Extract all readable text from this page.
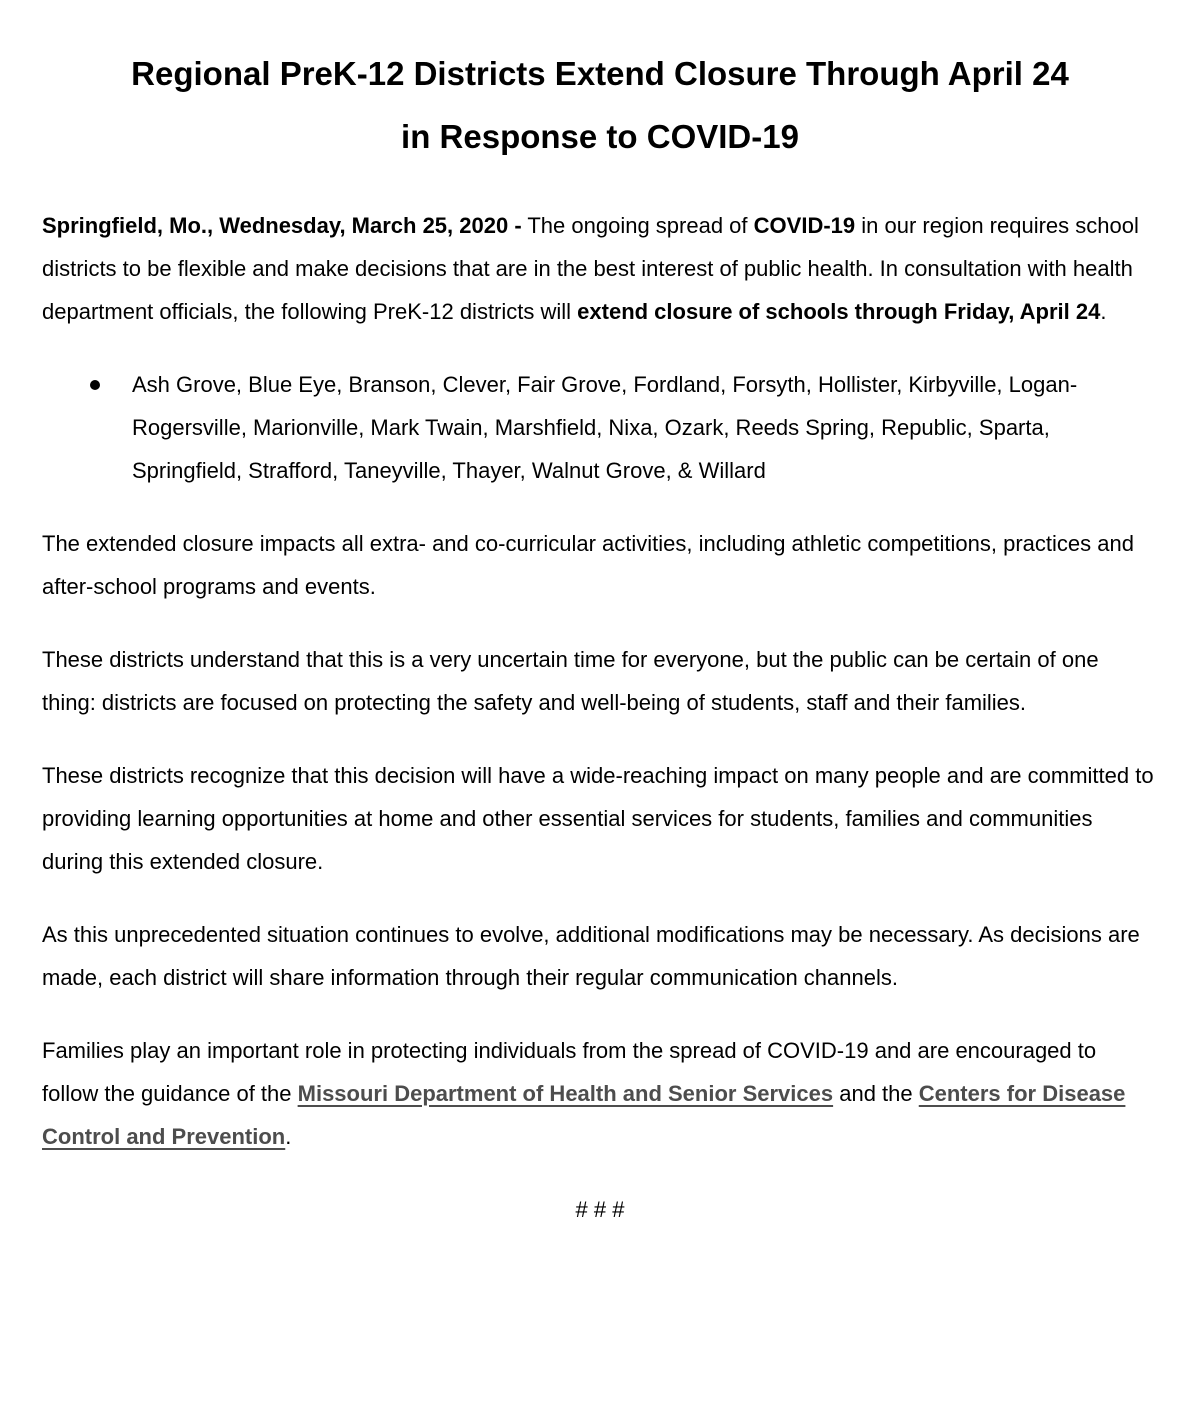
Regional PreK-12 Districts Extend Closure Through April 24
in Response to COVID-19

Springfield, Mo., Wednesday, March 25, 2020 - The ongoing spread of COVID-19 in our region requires school districts to be flexible and make decisions that are in the best interest of public health. In consultation with health department officials, the following PreK-12 districts will extend closure of schools through Friday, April 24.

Ash Grove, Blue Eye, Branson, Clever, Fair Grove, Fordland, Forsyth, Hollister, Kirbyville, Logan-Rogersville, Marionville, Mark Twain, Marshfield, Nixa, Ozark, Reeds Spring, Republic, Sparta, Springfield, Strafford, Taneyville, Thayer, Walnut Grove, & Willard

The extended closure impacts all extra- and co-curricular activities, including athletic competitions, practices and after-school programs and events.

These districts understand that this is a very uncertain time for everyone, but the public can be certain of one thing: districts are focused on protecting the safety and well-being of students, staff and their families.

These districts recognize that this decision will have a wide-reaching impact on many people and are committed to providing learning opportunities at home and other essential services for students, families and communities during this extended closure.

As this unprecedented situation continues to evolve, additional modifications may be necessary. As decisions are made, each district will share information through their regular communication channels.

Families play an important role in protecting individuals from the spread of COVID-19 and are encouraged to follow the guidance of the Missouri Department of Health and Senior Services and the Centers for Disease Control and Prevention.

# # #
